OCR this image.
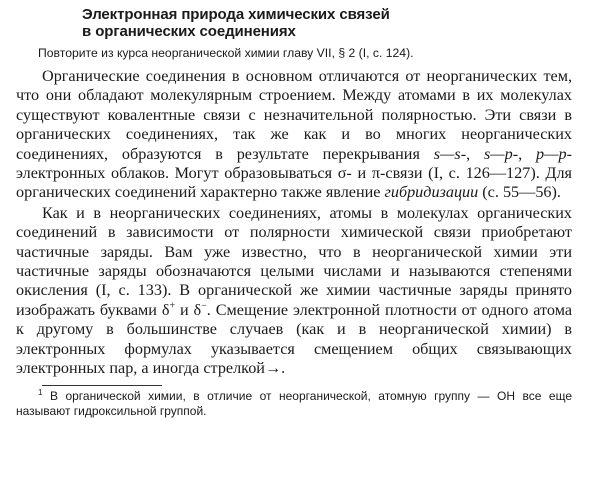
Электронная природа химических связей
в органических соединениях

Повторите из курса неорганической химии главу VII, § 2 (I, с. 124).

Органические соединения в основном отличаются от неорганических тем, что они обладают молекулярным строением. Между атомами в их молекулах существуют ковалентные связи с незначительной полярностью. Эти связи в органических соединениях, так же как и во многих неорганических соединениях, образуются в результате перекрывания s—s-, s—p-, p—p-электронных облаков. Могут образовываться σ- и π-связи (I, с. 126—127). Для органических соединений характерно также явление гибридизации (с. 55—56).

Как и в неорганических соединениях, атомы в молекулах органических соединений в зависимости от полярности химической связи приобретают частичные заряды. Вам уже известно, что в неорганической химии эти частичные заряды обозначаются целыми числами и называются степенями окисления (I, с. 133). В органической же химии частичные заряды принято изображать буквами δ+ и δ−. Смещение электронной плотности от одного атома к другому в большинстве случаев (как и в неорганической химии) в электронных формулах указывается смещением общих связывающих электронных пар, а иногда стрелкой→.

$^1$ В органической химии, в отличие от неорганической, атомную группу — ОН все еще называют гидроксильной группой.
